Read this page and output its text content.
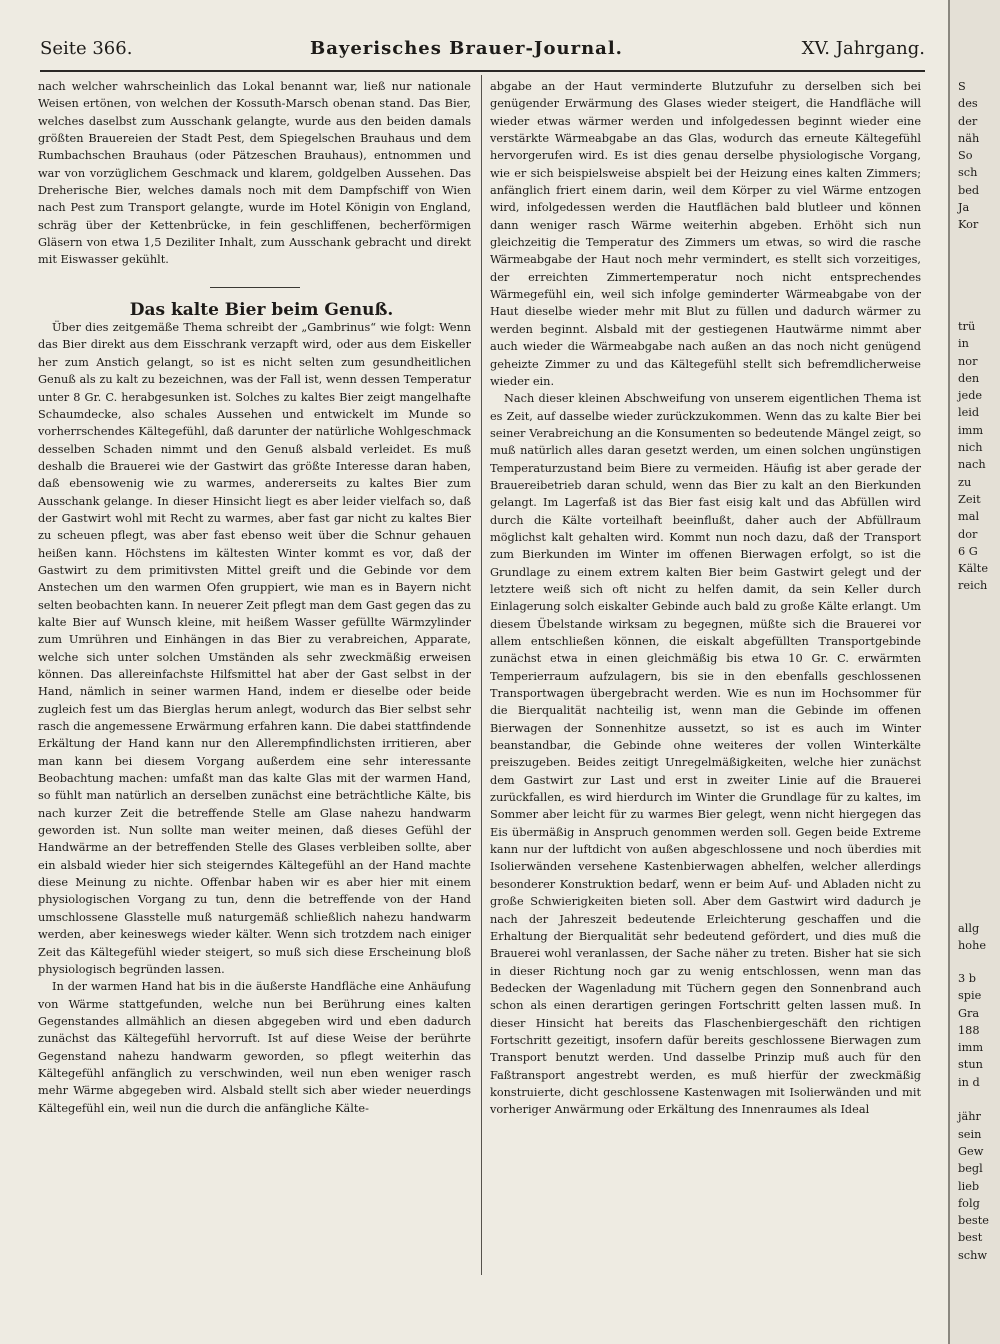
Seite 366.	Bayerisches Brauer-Journal.	XV. Jahrgang.

nach welcher wahrscheinlich das Lokal benannt war, ließ nur nationale Weisen ertönen, von welchen der Kossuth-Marsch obenan stand. Das Bier, welches daselbst zum Ausschank gelangte, wurde aus den beiden damals größten Brauereien der Stadt Pest, dem Spiegelschen Brauhaus und dem Rumbachschen Brauhaus (oder Pätzeschen Brauhaus), entnommen und war von vorzüglichem Geschmack und klarem, goldgelben Aussehen. Das Dreherische Bier, welches damals noch mit dem Dampfschiff von Wien nach Pest zum Transport gelangte, wurde im Hotel Königin von England, schräg über der Kettenbrücke, in fein geschliffenen, becherförmigen Gläsern von etwa 1,5 Deziliter Inhalt, zum Ausschank gebracht und direkt mit Eiswasser gekühlt.

Das kalte Bier beim Genuß.

Über dies zeitgemäße Thema schreibt der „Gambrinus“ wie folgt: Wenn das Bier direkt aus dem Eisschrank verzapft wird, oder aus dem Eiskeller her zum Anstich gelangt, so ist es nicht selten zum gesundheitlichen Genuß als zu kalt zu bezeichnen, was der Fall ist, wenn dessen Temperatur unter 8 Gr. C. herabgesunken ist. Solches zu kaltes Bier zeigt mangelhafte Schaumdecke, also schales Aussehen und entwickelt im Munde so vorherrschendes Kältegefühl, daß darunter der natürliche Wohlgeschmack desselben Schaden nimmt und den Genuß alsbald verleidet. Es muß deshalb die Brauerei wie der Gastwirt das größte Interesse daran haben, daß ebensowenig wie zu warmes, andererseits zu kaltes Bier zum Ausschank gelange. In dieser Hinsicht liegt es aber leider vielfach so, daß der Gastwirt wohl mit Recht zu warmes, aber fast gar nicht zu kaltes Bier zu scheuen pflegt, was aber fast ebenso weit über die Schnur gehauen heißen kann. Höchstens im kältesten Winter kommt es vor, daß der Gastwirt zu dem primitivsten Mittel greift und die Gebinde vor dem Anstechen um den warmen Ofen gruppiert, wie man es in Bayern nicht selten beobachten kann. In neuerer Zeit pflegt man dem Gast gegen das zu kalte Bier auf Wunsch kleine, mit heißem Wasser gefüllte Wärmzylinder zum Umrühren und Einhängen in das Bier zu verabreichen, Apparate, welche sich unter solchen Umständen als sehr zweckmäßig erweisen können. Das allereinfachste Hilfsmittel hat aber der Gast selbst in der Hand, nämlich in seiner warmen Hand, indem er dieselbe oder beide zugleich fest um das Bierglas herum anlegt, wodurch das Bier selbst sehr rasch die angemessene Erwärmung erfahren kann. Die dabei stattfindende Erkältung der Hand kann nur den Allerempfindlichsten irritieren, aber man kann bei diesem Vorgang außerdem eine sehr interessante Beobachtung machen: umfaßt man das kalte Glas mit der warmen Hand, so fühlt man natürlich an derselben zunächst eine beträchtliche Kälte, bis nach kurzer Zeit die betreffende Stelle am Glase nahezu handwarm geworden ist. Nun sollte man weiter meinen, daß dieses Gefühl der Handwärme an der betreffenden Stelle des Glases verbleiben sollte, aber ein alsbald wieder hier sich steigerndes Kältegefühl an der Hand machte diese Meinung zu nichte. Offenbar haben wir es aber hier mit einem physiologischen Vorgang zu tun, denn die betreffende von der Hand umschlossene Glasstelle muß naturgemäß schließlich nahezu handwarm werden, aber keineswegs wieder kälter. Wenn sich trotzdem nach einiger Zeit das Kältegefühl wieder steigert, so muß sich diese Erscheinung bloß physiologisch begründen lassen.

In der warmen Hand hat bis in die äußerste Handfläche eine Anhäufung von Wärme stattgefunden, welche nun bei Berührung eines kalten Gegenstandes allmählich an diesen abgegeben wird und eben dadurch zunächst das Kältegefühl hervorruft. Ist auf diese Weise der berührte Gegenstand nahezu handwarm geworden, so pflegt weiterhin das Kältegefühl anfänglich zu verschwinden, weil nun eben weniger rasch mehr Wärme abgegeben wird. Alsbald stellt sich aber wieder neuerdings Kältegefühl ein, weil nun die durch die anfängliche Kälte-

abgabe an der Haut verminderte Blutzufuhr zu derselben sich bei genügender Erwärmung des Glases wieder steigert, die Handfläche will wieder etwas wärmer werden und infolgedessen beginnt wieder eine verstärkte Wärmeabgabe an das Glas, wodurch das erneute Kältegefühl hervorgerufen wird. Es ist dies genau derselbe physiologische Vorgang, wie er sich beispielsweise abspielt bei der Heizung eines kalten Zimmers; anfänglich friert einem darin, weil dem Körper zu viel Wärme entzogen wird, infolgedessen werden die Hautflächen bald blutleer und können dann weniger rasch Wärme weiterhin abgeben. Erhöht sich nun gleichzeitig die Temperatur des Zimmers um etwas, so wird die rasche Wärmeabgabe der Haut noch mehr vermindert, es stellt sich vorzeitiges, der erreichten Zimmertemperatur noch nicht entsprechendes Wärmegefühl ein, weil sich infolge geminderter Wärmeabgabe von der Haut dieselbe wieder mehr mit Blut zu füllen und dadurch wärmer zu werden beginnt. Alsbald mit der gestiegenen Hautwärme nimmt aber auch wieder die Wärmeabgabe nach außen an das noch nicht genügend geheizte Zimmer zu und das Kältegefühl stellt sich befremdlicherweise wieder ein.

Nach dieser kleinen Abschweifung von unserem eigentlichen Thema ist es Zeit, auf dasselbe wieder zurückzukommen. Wenn das zu kalte Bier bei seiner Verabreichung an die Konsumenten so bedeutende Mängel zeigt, so muß natürlich alles daran gesetzt werden, um einen solchen ungünstigen Temperaturzustand beim Biere zu vermeiden. Häufig ist aber gerade der Brauereibetrieb daran schuld, wenn das Bier zu kalt an den Bierkunden gelangt. Im Lagerfaß ist das Bier fast eisig kalt und das Abfüllen wird durch die Kälte vorteilhaft beeinflußt, daher auch der Abfüllraum möglichst kalt gehalten wird. Kommt nun noch dazu, daß der Transport zum Bierkunden im Winter im offenen Bierwagen erfolgt, so ist die Grundlage zu einem extrem kalten Bier beim Gastwirt gelegt und der letztere weiß sich oft nicht zu helfen damit, da sein Keller durch Einlagerung solch eiskalter Gebinde auch bald zu große Kälte erlangt. Um diesem Übelstande wirksam zu begegnen, müßte sich die Brauerei vor allem entschließen können, die eiskalt abgefüllten Transportgebinde zunächst etwa in einen gleichmäßig bis etwa 10 Gr. C. erwärmten Temperierraum aufzulagern, bis sie in den ebenfalls geschlossenen Transportwagen übergebracht werden. Wie es nun im Hochsommer für die Bierqualität nachteilig ist, wenn man die Gebinde im offenen Bierwagen der Sonnenhitze aussetzt, so ist es auch im Winter beanstandbar, die Gebinde ohne weiteres der vollen Winterkälte preiszugeben. Beides zeitigt Unregelmäßigkeiten, welche hier zunächst dem Gastwirt zur Last und erst in zweiter Linie auf die Brauerei zurückfallen, es wird hierdurch im Winter die Grundlage für zu kaltes, im Sommer aber leicht für zu warmes Bier gelegt, wenn nicht hiergegen das Eis übermäßig in Anspruch genommen werden soll. Gegen beide Extreme kann nur der luftdicht von außen abgeschlossene und noch überdies mit Isolierwänden versehene Kastenbierwagen abhelfen, welcher allerdings besonderer Konstruktion bedarf, wenn er beim Auf- und Abladen nicht zu große Schwierigkeiten bieten soll. Aber dem Gastwirt wird dadurch je nach der Jahreszeit bedeutende Erleichterung geschaffen und die Erhaltung der Bierqualität sehr bedeutend gefördert, und dies muß die Brauerei wohl veranlassen, der Sache näher zu treten. Bisher hat sie sich in dieser Richtung noch gar zu wenig entschlossen, wenn man das Bedecken der Wagenladung mit Tüchern gegen den Sonnenbrand auch schon als einen derartigen geringen Fortschritt gelten lassen muß. In dieser Hinsicht hat bereits das Flaschenbiergeschäft den richtigen Fortschritt gezeitigt, insofern dafür bereits geschlossene Bierwagen zum Transport benutzt werden. Und dasselbe Prinzip muß auch für den Faßtransport angestrebt werden, es muß hierfür der zweckmäßig konstruierte, dicht geschlossene Kastenwagen mit Isolierwänden und mit vorheriger Anwärmung oder Erkältung des Innenraumes als Ideal

S
des
der
näh
So
sch
bed
Ja
Kor
trü
in
nor
den
jede
leid
imm
nich
nach
zu
Zeit
mal
dor
6 G
Kälte
reich
allg
hohe
3 b
spie
Gra
188
imm
stun
in d

jähr
sein
Gew
begl
lieb
folg
beste
best
schw
